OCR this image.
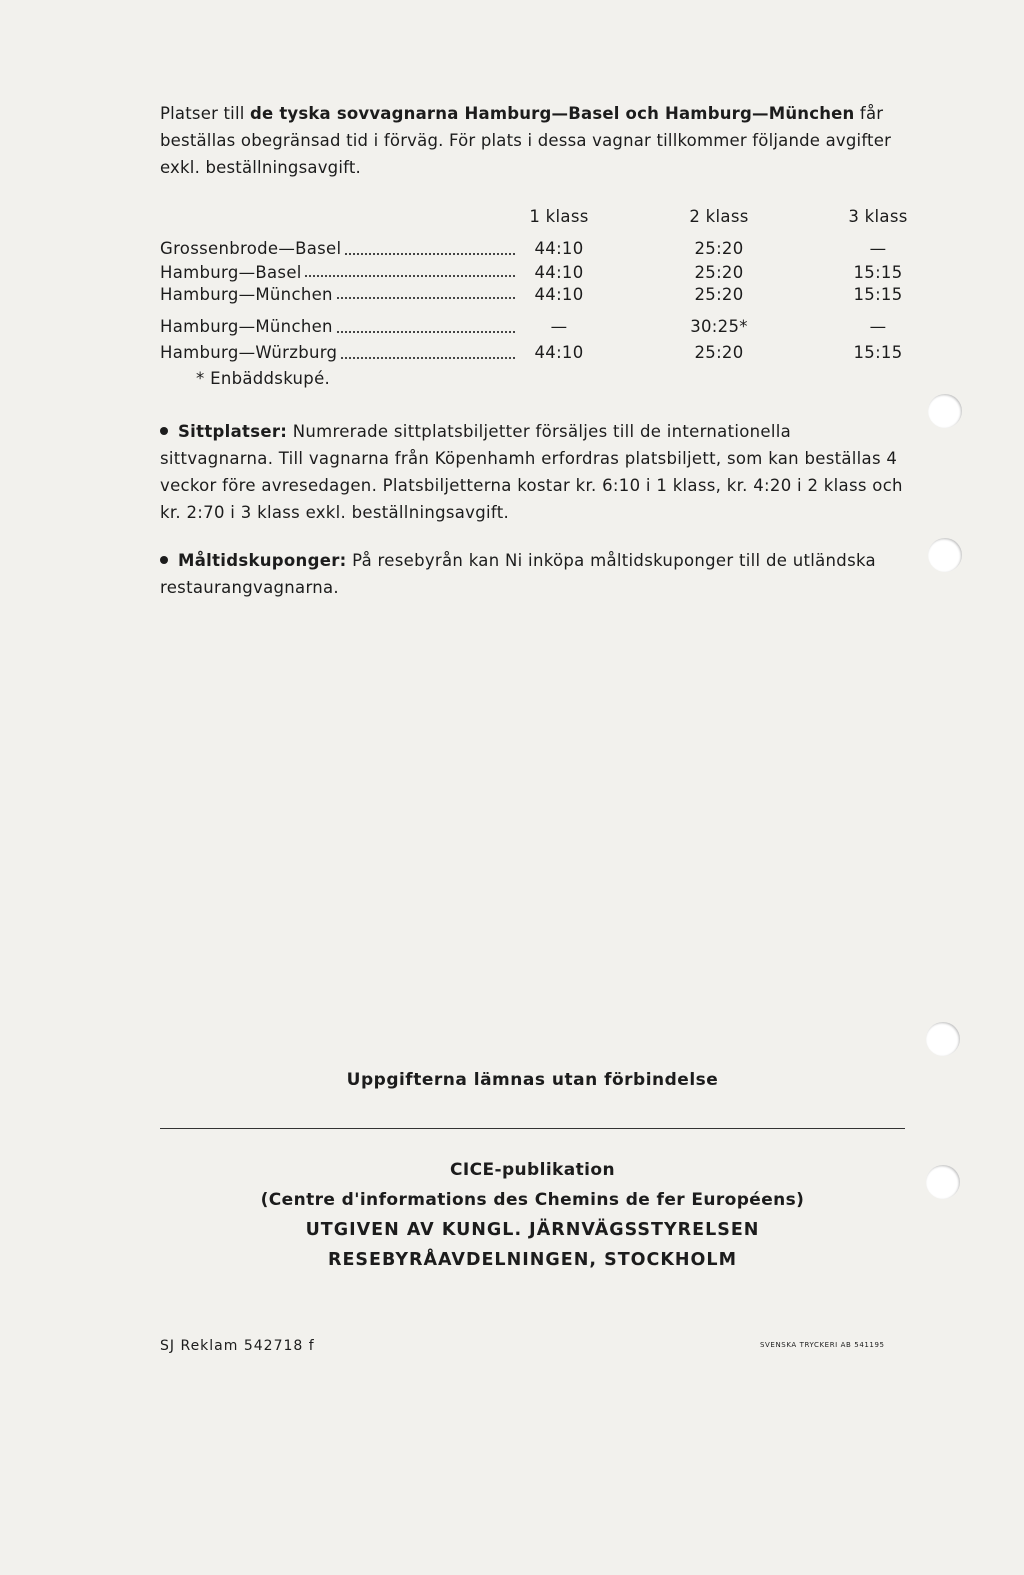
Platser till de tyska sovvagnarna Hamburg—Basel och Hamburg—München får beställas obegränsad tid i förväg. För plats i dessa vagnar tillkommer följande avgifter exkl. beställningsavgift.
1 klass	2 klass	3 klass
Grossenbrode—Basel	44:10	25:20	—
Hamburg—Basel	44:10	25:20	15:15
Hamburg—München	44:10	25:20	15:15
Hamburg—München	—	30:25*	—
Hamburg—Würzburg	44:10	25:20	15:15
* Enbäddskupé.
Sittplatser: Numrerade sittplatsbiljetter försäljes till de internationella sittvagnarna. Till vagnarna från Köpenhamh erfordras platsbiljett, som kan beställas 4 veckor före avresedagen. Platsbiljetterna kostar kr. 6:10 i 1 klass, kr. 4:20 i 2 klass och kr. 2:70 i 3 klass exkl. beställningsavgift.
Måltidskuponger: På resebyrån kan Ni inköpa måltidskuponger till de utländska restaurangvagnarna.
Uppgifterna lämnas utan förbindelse
CICE-publikation
(Centre d'informations des Chemins de fer Européens)
UTGIVEN AV KUNGL. JÄRNVÄGSSTYRELSEN
RESEBYRÅAVDELNINGEN, STOCKHOLM
SJ Reklam 542718 f	SVENSKA TRYCKERI AB 541195
